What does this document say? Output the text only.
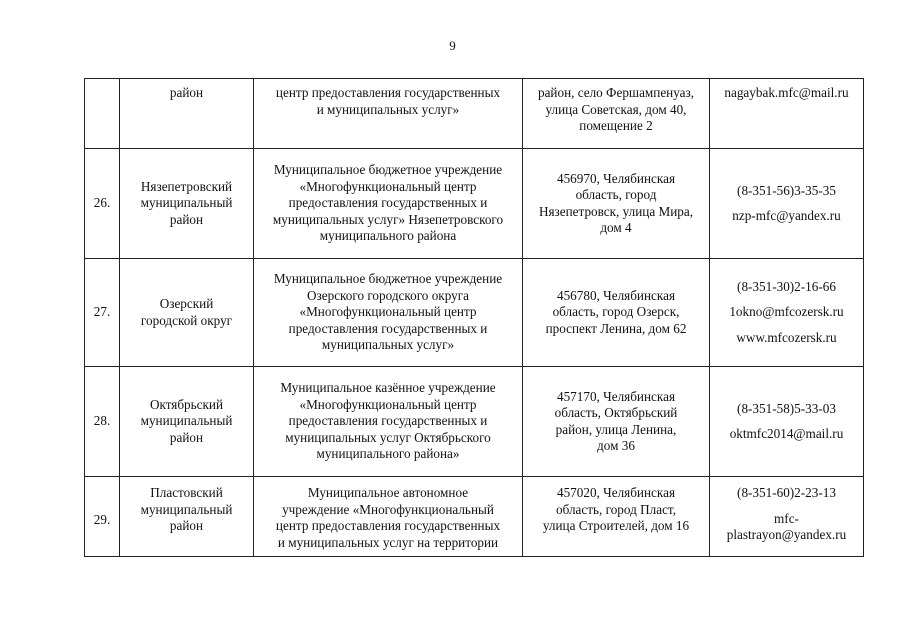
9

	район	центр предоставления государственных
и муниципальных услуг»	район, село Фершампенуаз,
улица Советская, дом 40,
помещение 2	nagaybak.mfc@mail.ru

26.	Нязепетровский
муниципальный
район	Муниципальное бюджетное учреждение
«Многофункциональный центр
предоставления государственных и
муниципальных услуг» Нязепетровского
муниципального района	456970, Челябинская
область, город
Нязепетровск, улица Мира,
дом 4	(8-351-56)3-35-35
nzp-mfc@yandex.ru

27.	Озерский
городской округ	Муниципальное бюджетное учреждение
Озерского городского округа
«Многофункциональный центр
предоставления государственных и
муниципальных услуг»	456780, Челябинская
область, город Озерск,
проспект Ленина, дом 62	(8-351-30)2-16-66
1okno@mfcozersk.ru
www.mfcozersk.ru

28.	Октябрьский
муниципальный
район	Муниципальное казённое учреждение
«Многофункциональный центр
предоставления государственных и
муниципальных услуг Октябрьского
муниципального района»	457170, Челябинская
область, Октябрьский
район, улица Ленина,
дом 36	(8-351-58)5-33-03
oktmfc2014@mail.ru

29.	Пластовский
муниципальный
район	Муниципальное автономное
учреждение «Многофункциональный
центр предоставления государственных
и муниципальных услуг на территории	457020, Челябинская
область, город Пласт,
улица Строителей, дом 16	(8-351-60)2-23-13
mfc-
plastrayon@yandex.ru
